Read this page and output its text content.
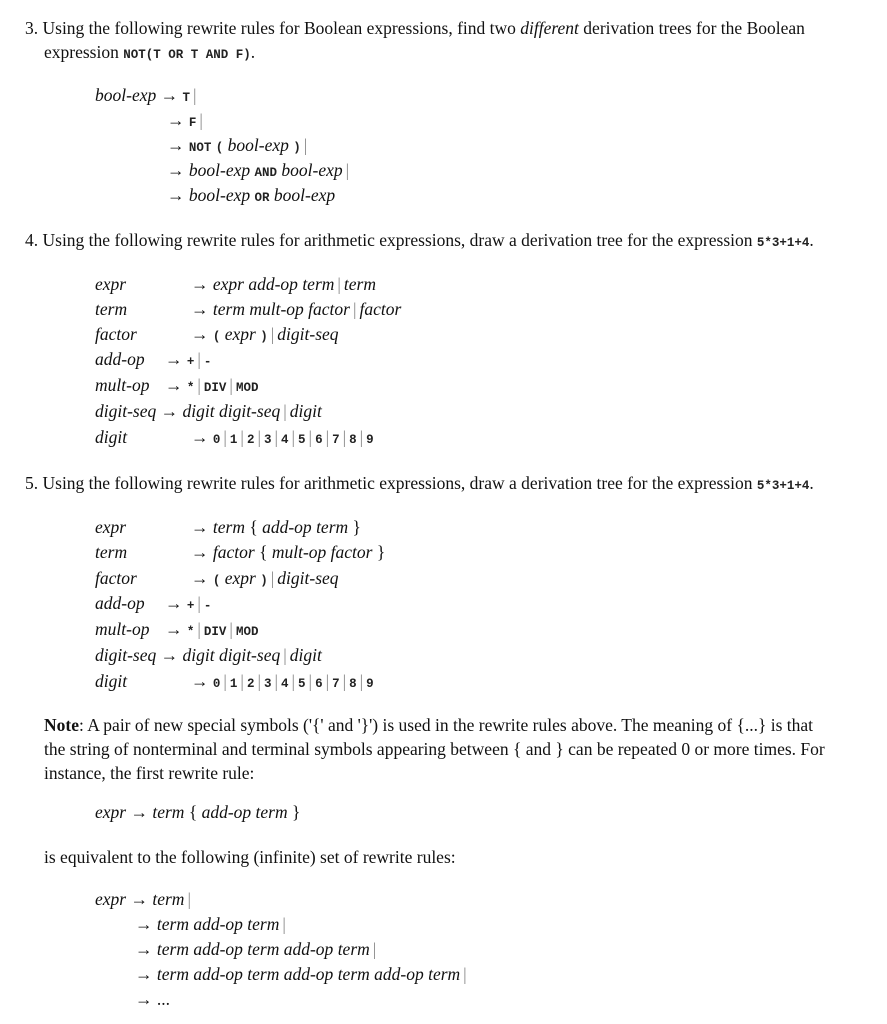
3. Using the following rewrite rules for Boolean expressions, find two different derivation trees for the Boolean
expression NOT(T OR T AND F).
bool-exp → T |
→ F |
→ NOT ( bool-exp ) |
→ bool-exp AND bool-exp |
→ bool-exp OR bool-exp
4. Using the following rewrite rules for arithmetic expressions, draw a derivation tree for the expression 5*3+1+4.
expr	→ expr add-op term | term
term	→ term mult-op factor | factor
factor	→ ( expr ) | digit-seq
add-op → + | -
mult-op → * | DIV | MOD
digit-seq → digit digit-seq | digit
digit	→ 0 | 1 | 2 | 3 | 4 | 5 | 6 | 7 | 8 | 9
5. Using the following rewrite rules for arithmetic expressions, draw a derivation tree for the expression 5*3+1+4.
expr	→ term { add-op term }
term	→ factor { mult-op factor }
factor	→ ( expr ) | digit-seq
add-op → + | -
mult-op → * | DIV | MOD
digit-seq → digit digit-seq | digit
digit	→ 0 | 1 | 2 | 3 | 4 | 5 | 6 | 7 | 8 | 9
Note: A pair of new special symbols ('{' and '}') is used in the rewrite rules above. The meaning of {...} is that
the string of nonterminal and terminal symbols appearing between { and } can be repeated 0 or more times. For
instance, the first rewrite rule:
expr → term { add-op term }
is equivalent to the following (infinite) set of rewrite rules:
expr → term |
→ term add-op term |
→ term add-op term add-op term |
→ term add-op term add-op term add-op term |
→ ...
